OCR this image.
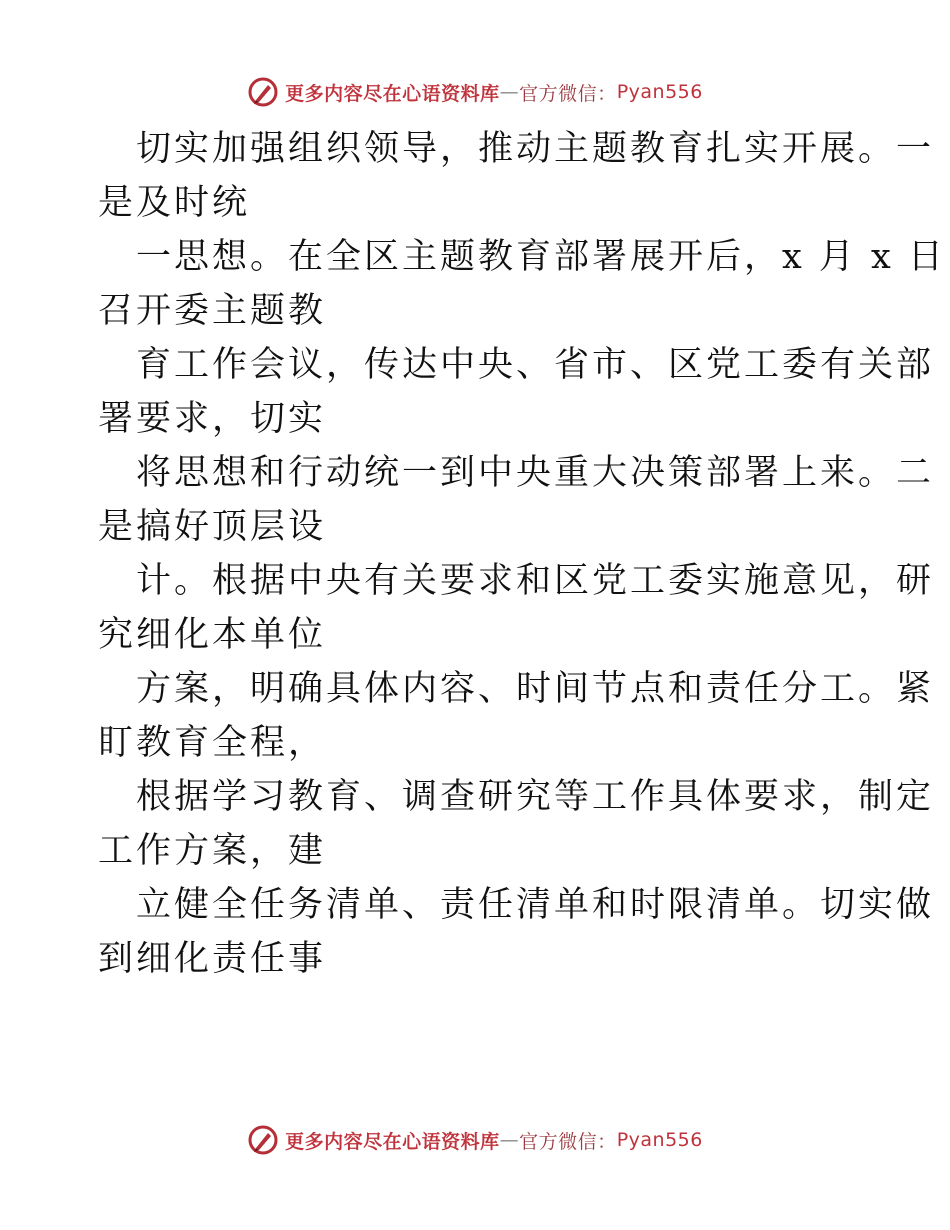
更多内容尽在心语资料库 — 官方微信： Pyan556
切实加强组织领导，推动主题教育扎实开展。一
是及时统
一思想。在全区主题教育部署展开后，x 月 x 日
召开委主题教
育工作会议，传达中央、省市、区党工委有关部
署要求，切实
将思想和行动统一到中央重大决策部署上来。二
是搞好顶层设
计。根据中央有关要求和区党工委实施意见，研
究细化本单位
方案，明确具体内容、时间节点和责任分工。紧
盯教育全程，
根据学习教育、调查研究等工作具体要求，制定
工作方案，建
立健全任务清单、责任清单和时限清单。切实做
到细化责任事
更多内容尽在心语资料库 — 官方微信： Pyan556
